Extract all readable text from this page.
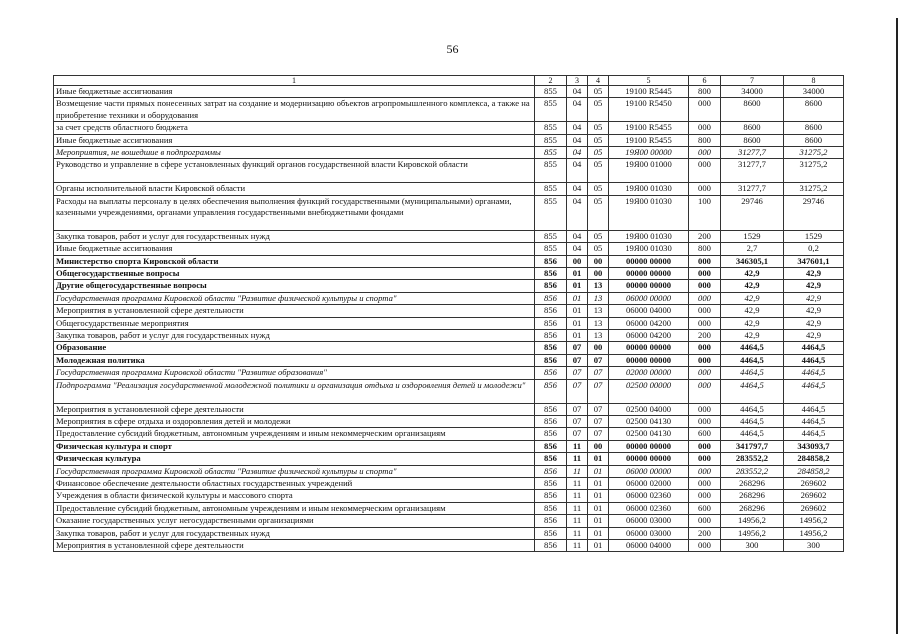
56
1	2	3	4	5	6	7	8
Иные бюджетные ассигнования	855	04	05	19100 R5445	800	34000	34000
Возмещение части прямых понесенных затрат на создание и модернизацию объектов агропромышленного комплекса, а также на приобретение техники и оборудования	855	04	05	19100 R5450	000	8600	8600
за счет средств областного бюджета	855	04	05	19100 R5455	000	8600	8600
Иные бюджетные ассигнования	855	04	05	19100 R5455	800	8600	8600
Мероприятия, не вошедшие в подпрограммы	855	04	05	19Я00 00000	000	31277,7	31275,2
Руководство и управление в сфере установленных функций органов государственной власти Кировской области	855	04	05	19Я00 01000	000	31277,7	31275,2
Органы исполнительной власти Кировской области	855	04	05	19Я00 01030	000	31277,7	31275,2
Расходы на выплаты персоналу в целях обеспечения выполнения функций государственными (муниципальными) органами, казенными учреждениями, органами управления государственными внебюджетными фондами	855	04	05	19Я00 01030	100	29746	29746
Закупка товаров, работ и услуг для государственных нужд	855	04	05	19Я00 01030	200	1529	1529
Иные бюджетные ассигнования	855	04	05	19Я00 01030	800	2,7	0,2
Министерство спорта Кировской области	856	00	00	00000 00000	000	346305,1	347601,1
Общегосударственные вопросы	856	01	00	00000 00000	000	42,9	42,9
Другие общегосударственные вопросы	856	01	13	00000 00000	000	42,9	42,9
Государственная программа Кировской области "Развитие физической культуры и спорта"	856	01	13	06000 00000	000	42,9	42,9
Мероприятия в установленной сфере деятельности	856	01	13	06000 04000	000	42,9	42,9
Общегосударственные мероприятия	856	01	13	06000 04200	000	42,9	42,9
Закупка товаров, работ и услуг для государственных нужд	856	01	13	06000 04200	200	42,9	42,9
Образование	856	07	00	00000 00000	000	4464,5	4464,5
Молодежная политика	856	07	07	00000 00000	000	4464,5	4464,5
Государственная программа Кировской области "Развитие образования"	856	07	07	02000 00000	000	4464,5	4464,5
Подпрограмма "Реализация государственной молодежной политики и организация отдыха и оздоровления детей и молодежи"	856	07	07	02500 00000	000	4464,5	4464,5
Мероприятия в установленной сфере деятельности	856	07	07	02500 04000	000	4464,5	4464,5
Мероприятия в сфере отдыха и оздоровления детей и молодежи	856	07	07	02500 04130	000	4464,5	4464,5
Предоставление субсидий бюджетным, автономным учреждениям и иным некоммерческим организациям	856	07	07	02500 04130	600	4464,5	4464,5
Физическая культура и спорт	856	11	00	00000 00000	000	341797,7	343093,7
Физическая культура	856	11	01	00000 00000	000	283552,2	284858,2
Государственная программа Кировской области "Развитие физической культуры и спорта"	856	11	01	06000 00000	000	283552,2	284858,2
Финансовое обеспечение деятельности областных государственных учреждений	856	11	01	06000 02000	000	268296	269602
Учреждения в области физической культуры и массового спорта	856	11	01	06000 02360	000	268296	269602
Предоставление субсидий бюджетным, автономным учреждениям и иным некоммерческим организациям	856	11	01	06000 02360	600	268296	269602
Оказание государственных услуг негосударственными организациями	856	11	01	06000 03000	000	14956,2	14956,2
Закупка товаров, работ и услуг для государственных нужд	856	11	01	06000 03000	200	14956,2	14956,2
Мероприятия в установленной сфере деятельности	856	11	01	06000 04000	000	300	300
